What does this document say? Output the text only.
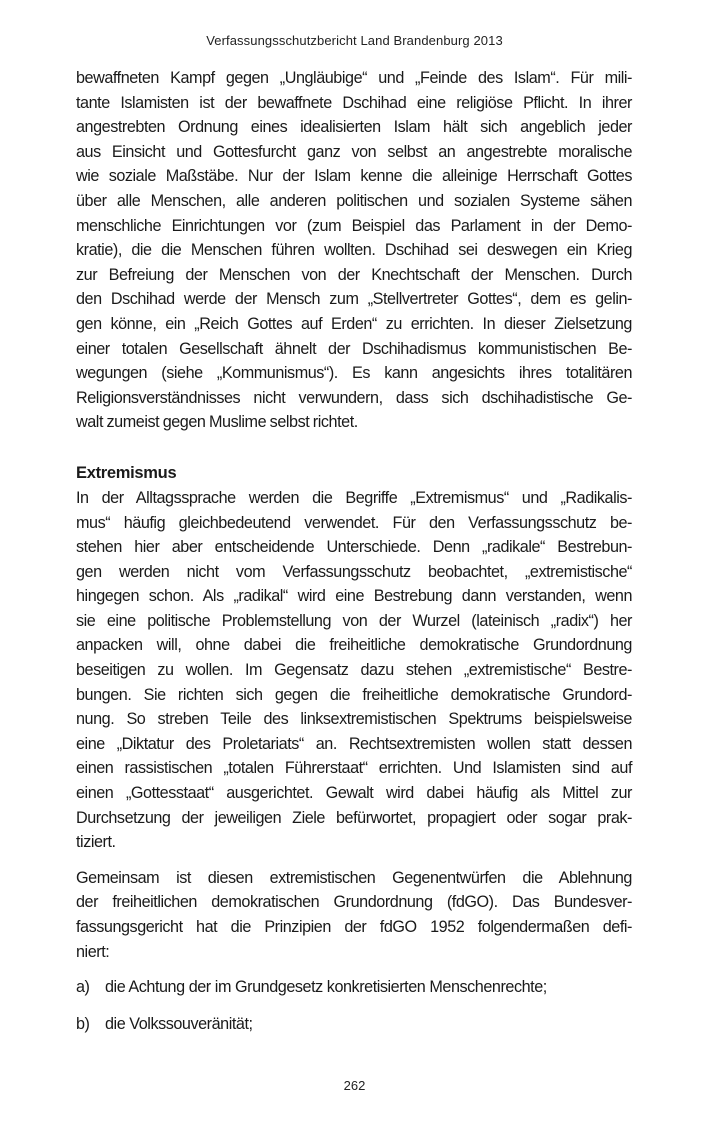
Verfassungsschutzbericht Land Brandenburg 2013

bewaffneten Kampf gegen „Ungläubige“ und „Feinde des Islam“. Für mili-
tante Islamisten ist der bewaffnete Dschihad eine religiöse Pflicht. In ihrer
angestrebten Ordnung eines idealisierten Islam hält sich angeblich jeder
aus Einsicht und Gottesfurcht ganz von selbst an angestrebte moralische
wie soziale Maßstäbe. Nur der Islam kenne die alleinige Herrschaft Gottes
über alle Menschen, alle anderen politischen und sozialen Systeme sähen
menschliche Einrichtungen vor (zum Beispiel das Parlament in der Demo-
kratie), die die Menschen führen wollten. Dschihad sei deswegen ein Krieg
zur Befreiung der Menschen von der Knechtschaft der Menschen. Durch
den Dschihad werde der Mensch zum „Stellvertreter Gottes“, dem es gelin-
gen könne, ein „Reich Gottes auf Erden“ zu errichten. In dieser Zielsetzung
einer totalen Gesellschaft ähnelt der Dschihadismus kommunistischen Be-
wegungen (siehe „Kommunismus“). Es kann angesichts ihres totalitären
Religionsverständnisses nicht verwundern, dass sich dschihadistische Ge-
walt zumeist gegen Muslime selbst richtet.

Extremismus

In der Alltagssprache werden die Begriffe „Extremismus“ und „Radikalis-
mus“ häufig gleichbedeutend verwendet. Für den Verfassungsschutz be-
stehen hier aber entscheidende Unterschiede. Denn „radikale“ Bestrebun-
gen werden nicht vom Verfassungsschutz beobachtet, „extremistische“
hingegen schon. Als „radikal“ wird eine Bestrebung dann verstanden, wenn
sie eine politische Problemstellung von der Wurzel (lateinisch „radix“) her
anpacken will, ohne dabei die freiheitliche demokratische Grundordnung
beseitigen zu wollen. Im Gegensatz dazu stehen „extremistische“ Bestre-
bungen. Sie richten sich gegen die freiheitliche demokratische Grundord-
nung. So streben Teile des linksextremistischen Spektrums beispielsweise
eine „Diktatur des Proletariats“ an. Rechtsextremisten wollen statt dessen
einen rassistischen „totalen Führerstaat“ errichten. Und Islamisten sind auf
einen „Gottesstaat“ ausgerichtet. Gewalt wird dabei häufig als Mittel zur
Durchsetzung der jeweiligen Ziele befürwortet, propagiert oder sogar prak-
tiziert.

Gemeinsam ist diesen extremistischen Gegenentwürfen die Ablehnung
der freiheitlichen demokratischen Grundordnung (fdGO). Das Bundesver-
fassungsgericht hat die Prinzipien der fdGO 1952 folgendermaßen defi-
niert:

a) die Achtung der im Grundgesetz konkretisierten Menschenrechte;
b) die Volkssouveränität;
262
